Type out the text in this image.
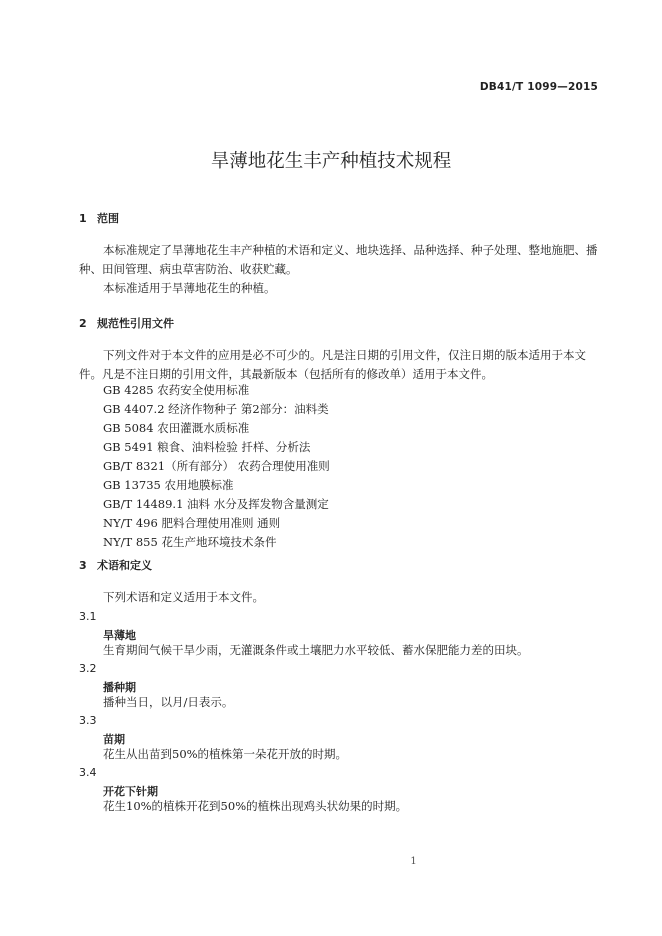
DB41/T 1099—2015
旱薄地花生丰产种植技术规程
1 范围
本标准规定了旱薄地花生丰产种植的术语和定义、地块选择、品种选择、种子处理、整地施肥、播种、田间管理、病虫草害防治、收获贮藏。
本标准适用于旱薄地花生的种植。
2 规范性引用文件
下列文件对于本文件的应用是必不可少的。凡是注日期的引用文件，仅注日期的版本适用于本文件。凡是不注日期的引用文件，其最新版本（包括所有的修改单）适用于本文件。
GB 4285 农药安全使用标准
GB 4407.2 经济作物种子 第2部分：油料类
GB 5084 农田灌溉水质标准
GB 5491 粮食、油料检验 扦样、分析法
GB/T 8321（所有部分） 农药合理使用准则
GB 13735 农用地膜标准
GB/T 14489.1 油料 水分及挥发物含量测定
NY/T 496 肥料合理使用准则 通则
NY/T 855 花生产地环境技术条件
3 术语和定义
下列术语和定义适用于本文件。
3.1
旱薄地
生育期间气候干旱少雨，无灌溉条件或土壤肥力水平较低、蓄水保肥能力差的田块。
3.2
播种期
播种当日，以月/日表示。
3.3
苗期
花生从出苗到50%的植株第一朵花开放的时期。
3.4
开花下针期
花生10%的植株开花到50%的植株出现鸡头状幼果的时期。
1
